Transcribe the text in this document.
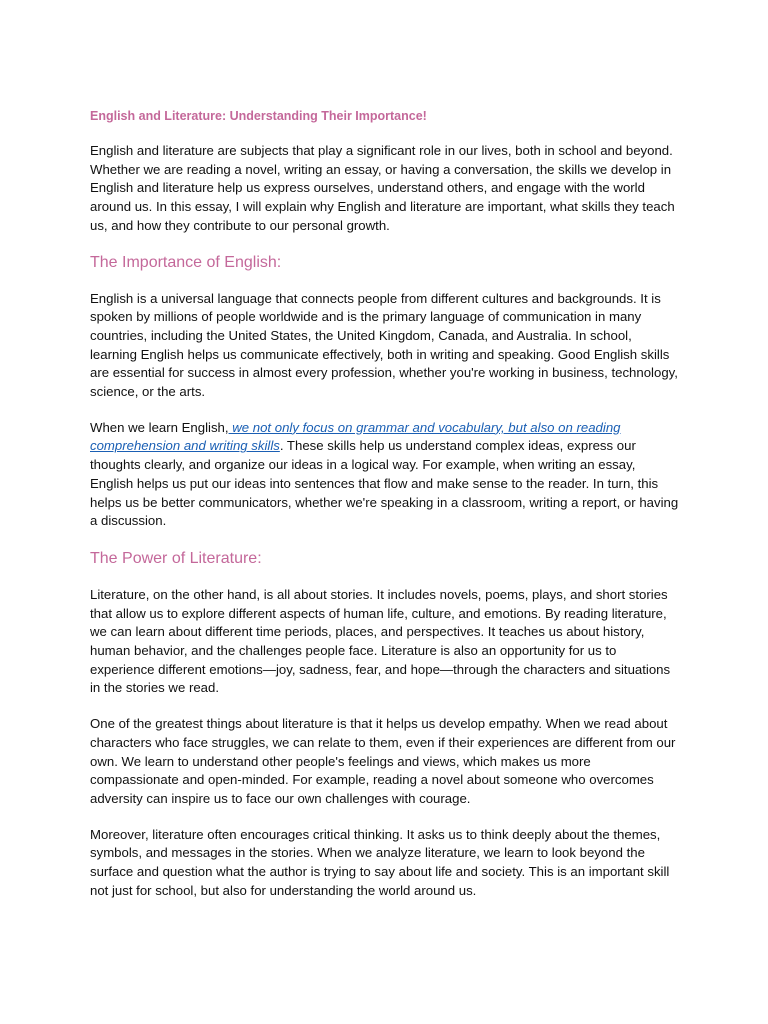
English and Literature: Understanding Their Importance!

English and literature are subjects that play a significant role in our lives, both in school and beyond. Whether we are reading a novel, writing an essay, or having a conversation, the skills we develop in English and literature help us express ourselves, understand others, and engage with the world around us. In this essay, I will explain why English and literature are important, what skills they teach us, and how they contribute to our personal growth.

The Importance of English:

English is a universal language that connects people from different cultures and backgrounds. It is spoken by millions of people worldwide and is the primary language of communication in many countries, including the United States, the United Kingdom, Canada, and Australia. In school, learning English helps us communicate effectively, both in writing and speaking. Good English skills are essential for success in almost every profession, whether you're working in business, technology, science, or the arts.

When we learn English, we not only focus on grammar and vocabulary, but also on reading comprehension and writing skills. These skills help us understand complex ideas, express our thoughts clearly, and organize our ideas in a logical way. For example, when writing an essay, English helps us put our ideas into sentences that flow and make sense to the reader. In turn, this helps us be better communicators, whether we're speaking in a classroom, writing a report, or having a discussion.

The Power of Literature:

Literature, on the other hand, is all about stories. It includes novels, poems, plays, and short stories that allow us to explore different aspects of human life, culture, and emotions. By reading literature, we can learn about different time periods, places, and perspectives. It teaches us about history, human behavior, and the challenges people face. Literature is also an opportunity for us to experience different emotions—joy, sadness, fear, and hope—through the characters and situations in the stories we read.

One of the greatest things about literature is that it helps us develop empathy. When we read about characters who face struggles, we can relate to them, even if their experiences are different from our own. We learn to understand other people's feelings and views, which makes us more compassionate and open-minded. For example, reading a novel about someone who overcomes adversity can inspire us to face our own challenges with courage.

Moreover, literature often encourages critical thinking. It asks us to think deeply about the themes, symbols, and messages in the stories. When we analyze literature, we learn to look beyond the surface and question what the author is trying to say about life and society. This is an important skill not just for school, but also for understanding the world around us.
